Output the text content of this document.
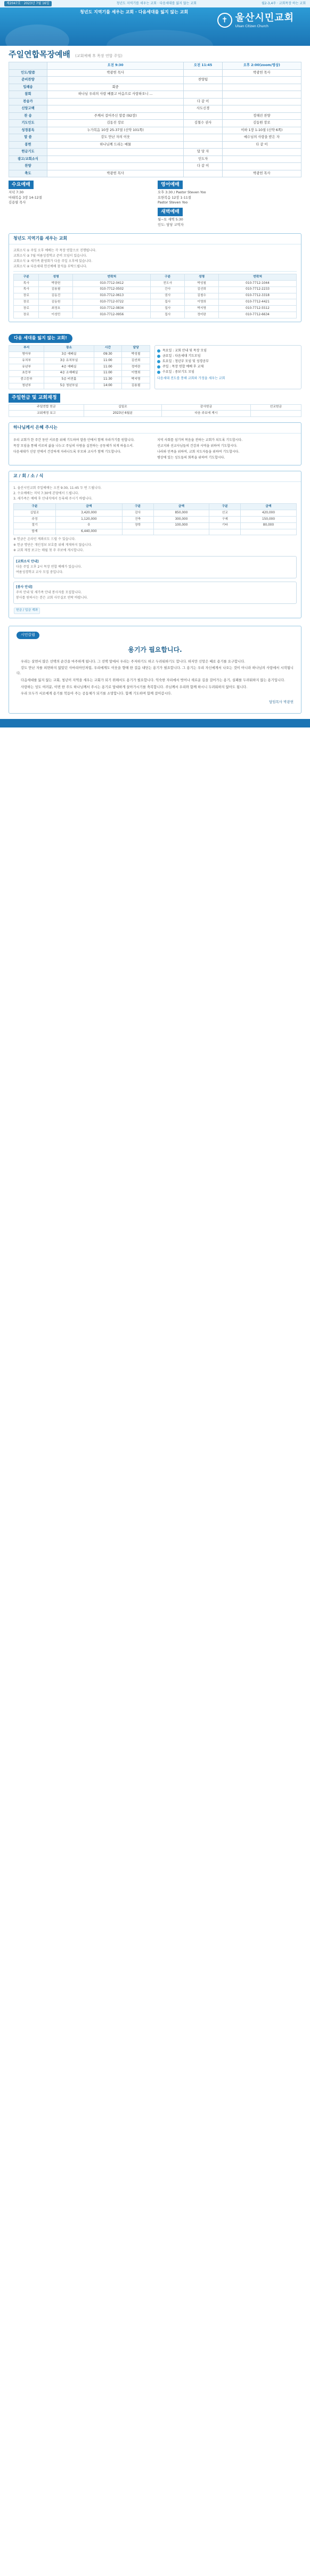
제2047호 · 2023년 7월 16일	청년도 지역기를 세우는 교회 · 다음세대를 잃지 않는 교회	월2-3,4주 · 교회목장 하는 교회
청년도 지역기를 세우는 교회 · 다음세대를 잃지 않는 교회
✝ 울산시민교회
Ulsan Citizen Church
주일연합목장예배 (교회예배 후 목장 연합 주일)
	오전 9:30	오전 11:45	오후 2:00(zoom/영상)
인도/말씀	박광헌 목사		박광헌 목사
준비찬양		찬양팀	
입례송	회중		
참회	하나님 우리의 사랑 베풀고 마음으로 사랑하오니 ...		
찬송가		다 같 이	
신앙고백		사도신경	
찬 송	주께서 걸어주신 말씀 (92장)		정해진 찬양
기도인도	김동진 장로	김철수 권사	김동원 장로
성경봉독	누가복음 10장 25-37절 (신약 101쪽)		이하 1장 1-10절 (신약 6쪽)
말 씀	강도 만난 자의 이웃		예수님의 사랑을 받은 자
봉헌	하나님께 드리는 예물		다 같 이
헌금기도		담 당 자	
광고/교회소식		인도자	
찬양		다 같 이	
축도	박광헌 목사		박광헌 목사
수요예배
저녁 7:30
마태복음 3장 14-12절
김용필 목사
영어예배
오후 3:30 / Pastor Steven Yoo
요한복음 12장 1-11절
Pastor Steven Yoo
새벽예배
월~토 새벽 5:30
인도: 담당 교역자
청년도 지역기를 세우는 교회
교회소식 ① 주일 오후 예배는 각 목장 연합으로 진행됩니다.
교회소식 ② 7월 여름성경학교 준비 모임이 있습니다.
교회소식 ③ 새가족 환영회가 다음 주일 오후에 있습니다.
교회소식 ④ 다음세대 헌신예배 참석을 부탁드립니다.
구분	성명	연락처	구분	성명	연락처
목사	박광헌	010-7712-0412	전도사	박성철	010-7712-1044
목사	김용필	010-7712-0502	간사	김선희	010-7712-2233
장로	김동진	010-7712-0613	권사	김철수	010-7712-3318
장로	김동원	010-7712-0722	집사	이영희	010-7712-4421
장로	최정호	010-7712-0834	집사	박지영	010-7712-5512
장로	이성민	010-7712-0956	집사	정미란	010-7712-6634
다음 세대를 잃지 않는 교회!
부서	장소	시간	담당
영아부	3층 예배실	09:30	박성철
유치부	3층 유치부실	11:00	김선희
유년부	4층 예배실	11:00	정미란
초등부	4층 소예배실	11:00	이영희
중고등부	5층 비전홀	11:30	박지영
청년부	5층 청년부실	14:00	김용필
목요일 : 교회 안내 및 목장 모임
금요일 : 다음세대 기도모임
토요일 : 청년부 모임 및 성경공부
주일 : 목장 연합 예배 후 교제
수요일 : 중보기도 모임
다음세대 전도를 통해 교회와 가정을 세우는 교회
주일헌금 및 교회재정
주일연합 헌금	십일조	감사헌금	선교헌금
교회재정 보고	2023년 6월분	다음 주보에 게시	
하나님께서 은혜 주시는

우리 교회가 한 주간 동안 서로를 위해 기도하며 말씀 안에서 함께 자라가기를 원합니다.

목장 모임을 통해 서로의 삶을 나누고 주님의 사랑을 실천하는 공동체가 되게 하옵소서.

다음세대가 신앙 안에서 건강하게 자라나도록 부모와 교사가 함께 기도합니다.

지역 사회를 섬기며 복음을 전하는 교회가 되도록 기도합시다.

선교지와 선교사님들의 건강과 사역을 위하여 기도합시다.

나라와 민족을 위하여, 교회 지도자들을 위하여 기도합시다.

병상에 있는 성도들의 회복을 위하여 기도합시다.

교 / 회 / 소 / 식
1. 울산시민교회 주일예배는 오전 9:30, 11:45 두 번 드립니다.
2. 수요예배는 저녁 7:30에 본당에서 드립니다.
3. 새가족은 예배 후 안내석에서 등록해 주시기 바랍니다.
구분	금액	구분	금액	구분	금액
십일조	3,420,000	감사	850,000	선교	420,000
주정	1,120,000	건축	300,000	구제	150,000
절기	0	장학	100,000	기타	80,000
합계	6,440,000				
※ 헌금은 온라인 계좌로도 드릴 수 있습니다.
※ 헌금 명단은 개인정보 보호를 위해 게재하지 않습니다.
※ 교회 재정 보고는 매월 첫 주 주보에 게시합니다.
[교회소식 안내]
다음 주일 오후 2시 목장 연합 예배가 있습니다.
여름성경학교 교사 모집 중입니다.
[봉사 안내]
주차 안내 및 새가족 안내 봉사자를 모집합니다.
봉사를 원하시는 분은 교회 사무실로 연락 바랍니다.
헌금 / 입금 계좌
시민칼럼
용기가 필요합니다.

우리는 살면서 많은 선택의 순간을 마주하게 됩니다. 그 선택 앞에서 우리는 주저하기도 하고 두려워하기도 합니다. 하지만 신앙은 때로 용기를 요구합니다.

강도 만난 자를 외면하지 않았던 사마리아인처럼, 우리에게도 이웃을 향해 한 걸음 내딛는 용기가 필요합니다. 그 용기는 우리 자신에게서 나오는 것이 아니라 하나님의 사랑에서 시작됩니다.

다음세대를 잃지 않는 교회, 청년이 지역을 세우는 교회가 되기 위해서도 용기가 필요합니다. 익숙한 자리에서 벗어나 새로운 길을 걸어가는 용기, 실패를 두려워하지 않는 용기입니다.

사랑하는 성도 여러분, 이번 한 주도 하나님께서 주시는 용기로 담대하게 살아가시기를 축복합니다. 주님께서 우리와 함께 하시니 두려워하지 않아도 됩니다.

우리 모두가 서로에게 용기를 북돋아 주는 공동체가 되기를 소망합니다. 함께 기도하며 함께 걸어갑시다.

담임목사 박광헌
